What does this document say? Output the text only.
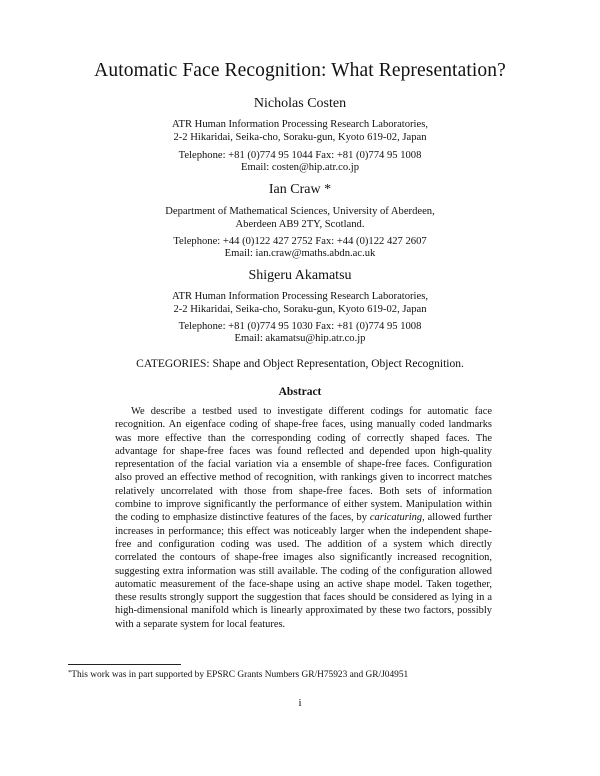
Automatic Face Recognition: What Representation?
Nicholas Costen
ATR Human Information Processing Research Laboratories,
2-2 Hikaridai, Seika-cho, Soraku-gun, Kyoto 619-02, Japan
Telephone: +81 (0)774 95 1044 Fax: +81 (0)774 95 1008
Email: costen@hip.atr.co.jp
Ian Craw *
Department of Mathematical Sciences, University of Aberdeen,
Aberdeen AB9 2TY, Scotland.
Telephone: +44 (0)122 427 2752 Fax: +44 (0)122 427 2607
Email: ian.craw@maths.abdn.ac.uk
Shigeru Akamatsu
ATR Human Information Processing Research Laboratories,
2-2 Hikaridai, Seika-cho, Soraku-gun, Kyoto 619-02, Japan
Telephone: +81 (0)774 95 1030 Fax: +81 (0)774 95 1008
Email: akamatsu@hip.atr.co.jp
CATEGORIES: Shape and Object Representation, Object Recognition.
Abstract

We describe a testbed used to investigate different codings for automatic face recognition. An eigenface coding of shape-free faces, using manually coded landmarks was more effective than the corresponding coding of correctly shaped faces. The advantage for shape-free faces was found reflected and depended upon high-quality representation of the facial variation via a ensemble of shape-free faces. Configuration also proved an effective method of recognition, with rankings given to incorrect matches relatively uncorrelated with those from shape-free faces. Both sets of information combine to improve significantly the performance of either system. Manipulation within the coding to emphasize distinctive features of the faces, by caricaturing, allowed further increases in performance; this effect was noticeably larger when the independent shape-free and configuration coding was used. The addition of a system which directly correlated the contours of shape-free images also significantly increased recognition, suggesting extra information was still available. The coding of the configuration allowed automatic measurement of the face-shape using an active shape model. Taken together, these results strongly support the suggestion that faces should be considered as lying in a high-dimensional manifold which is linearly approximated by these two factors, possibly with a separate system for local features.

*This work was in part supported by EPSRC Grants Numbers GR/H75923 and GR/J04951
i
